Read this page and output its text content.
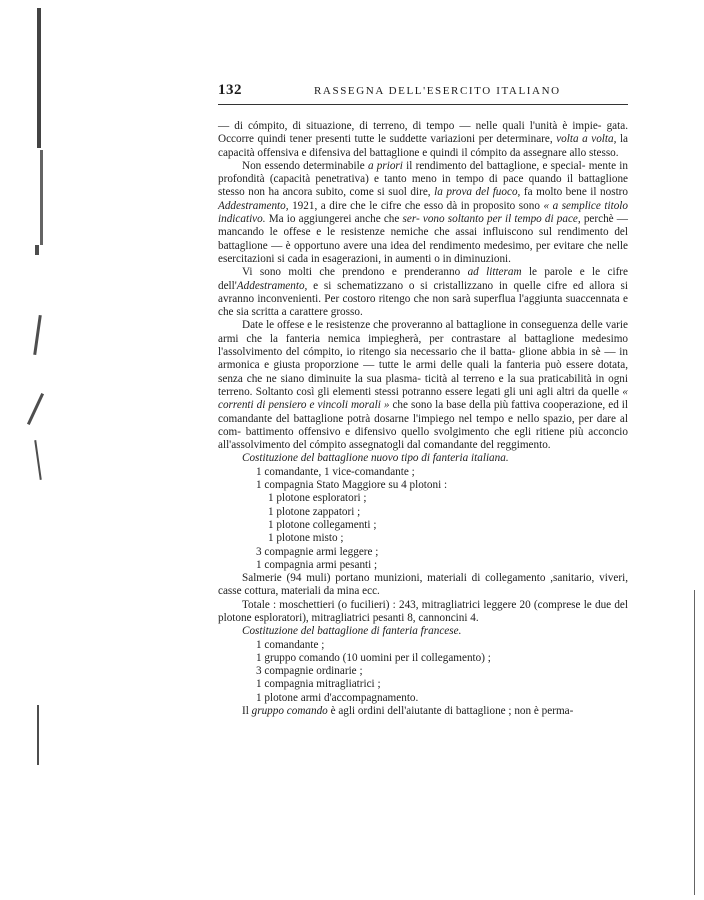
132	RASSEGNA DELL'ESERCITO ITALIANO

— di cómpito, di situazione, di terreno, di tempo — nelle quali l'unità è impie- gata. Occorre quindi tener presenti tutte le suddette variazioni per determinare, volta a volta, la capacità offensiva e difensiva del battaglione e quindi il cómpito da assegnare allo stesso.

Non essendo determinabile a priori il rendimento del battaglione, e special- mente in profondità (capacità penetrativa) e tanto meno in tempo di pace quando il battaglione stesso non ha ancora subito, come si suol dire, la prova del fuoco, fa molto bene il nostro Addestramento, 1921, a dire che le cifre che esso dà in proposito sono « a semplice titolo indicativo. Ma io aggiungerei anche che ser- vono soltanto per il tempo di pace, perchè — mancando le offese e le resistenze nemiche che assai influiscono sul rendimento del battaglione — è opportuno avere una idea del rendimento medesimo, per evitare che nelle esercitazioni si cada in esagerazioni, in aumenti o in diminuzioni.

Vi sono molti che prendono e prenderanno ad litteram le parole e le cifre dell'Addestramento, e si schematizzano o si cristallizzano in quelle cifre ed allora si avranno inconvenienti. Per costoro ritengo che non sarà superflua l'aggiunta suaccennata e che sia scritta a carattere grosso.

Date le offese e le resistenze che proveranno al battaglione in conseguenza delle varie armi che la fanteria nemica impiegherà, per contrastare al battaglione medesimo l'assolvimento del cómpito, io ritengo sia necessario che il batta- glione abbia in sè — in armonica e giusta proporzione — tutte le armi delle quali la fanteria può essere dotata, senza che ne siano diminuite la sua plasma- ticità al terreno e la sua praticabilità in ogni terreno. Soltanto così gli elementi stessi potranno essere legati gli uni agli altri da quelle « correnti di pensiero e vincoli morali » che sono la base della più fattiva cooperazione, ed il comandante del battaglione potrà dosarne l'impiego nel tempo e nello spazio, per dare al com- battimento offensivo e difensivo quello svolgimento che egli ritiene più acconcio all'assolvimento del cómpito assegnatogli dal comandante del reggimento.

Costituzione del battaglione nuovo tipo di fanteria italiana.

1 comandante, 1 vice-comandante ;
1 compagnia Stato Maggiore su 4 plotoni :
1 plotone esploratori ;
1 plotone zappatori ;
1 plotone collegamenti ;
1 plotone misto ;
3 compagnie armi leggere ;
1 compagnia armi pesanti ;

Salmerie (94 muli) portano munizioni, materiali di collegamento ,sanitario, viveri, casse cottura, materiali da mina ecc.

Totale : moschettieri (o fucilieri) : 243, mitragliatrici leggere 20 (comprese le due del plotone esploratori), mitragliatrici pesanti 8, cannoncini 4.

Costituzione del battaglione di fanteria francese.

1 comandante ;
1 gruppo comando (10 uomini per il collegamento) ;
3 compagnie ordinarie ;
1 compagnia mitragliatrici ;
1 plotone armi d'accompagnamento.

Il gruppo comando è agli ordini dell'aiutante di battaglione ; non è perma-
